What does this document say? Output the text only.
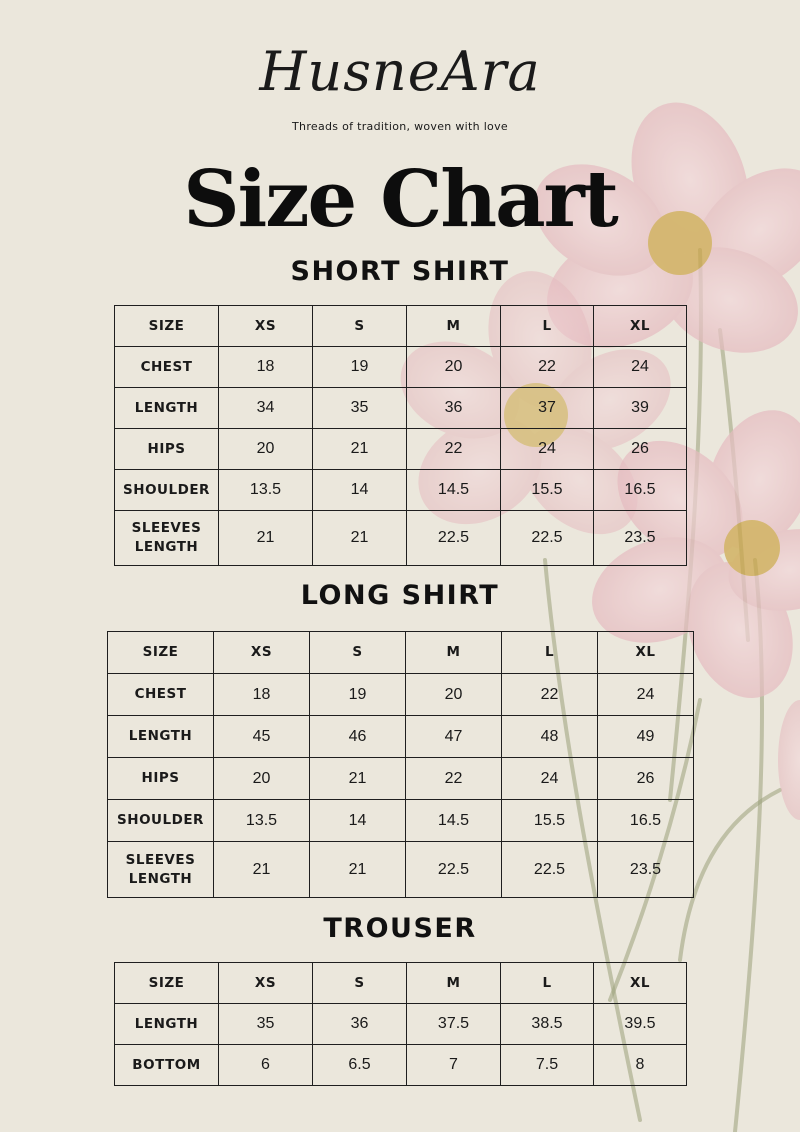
HusneAra
Threads of tradition, woven with love
Size Chart
SHORT SHIRT
SIZE	XS	S	M	L	XL
CHEST	18	19	20	22	24
LENGTH	34	35	36	37	39
HIPS	20	21	22	24	26
SHOULDER	13.5	14	14.5	15.5	16.5
SLEEVES
LENGTH	21	21	22.5	22.5	23.5
LONG SHIRT
SIZE	XS	S	M	L	XL
CHEST	18	19	20	22	24
LENGTH	45	46	47	48	49
HIPS	20	21	22	24	26
SHOULDER	13.5	14	14.5	15.5	16.5
SLEEVES
LENGTH	21	21	22.5	22.5	23.5
TROUSER
SIZE	XS	S	M	L	XL
LENGTH	35	36	37.5	38.5	39.5
BOTTOM	6	6.5	7	7.5	8
